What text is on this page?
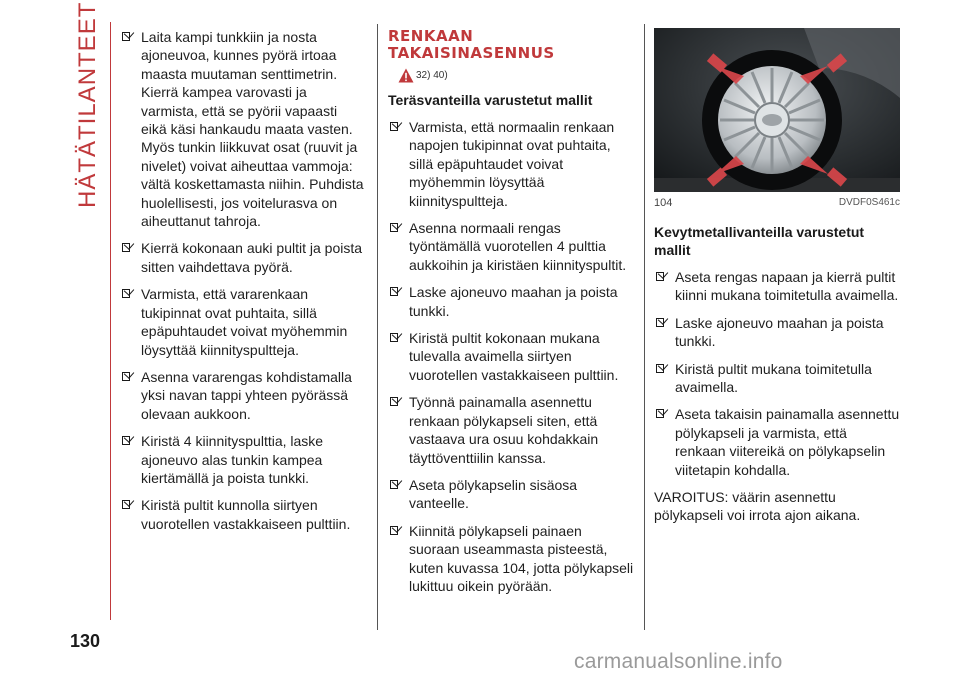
HÄTÄTILANTEET	Laita kampi tunkkiin ja nosta ajoneuvoa, kunnes pyörä irtoaa maasta muutaman senttimetrin. Kierrä kampea varovasti ja varmista, että se pyörii vapaasti eikä käsi hankaudu maata vasten. Myös tunkin liikkuvat osat (ruuvit ja nivelet) voivat aiheuttaa vammoja: vältä koskettamasta niihin. Puhdista huolellisesti, jos voitelurasva on aiheuttanut tahroja.
Kierrä kokonaan auki pultit ja poista sitten vaihdettava pyörä.
Varmista, että vararenkaan tukipinnat ovat puhtaita, sillä epäpuhtaudet voivat myöhemmin löysyttää kiinnityspultteja.
Asenna vararengas kohdistamalla yksi navan tappi yhteen pyörässä olevaan aukkoon.
Kiristä 4 kiinnityspulttia, laske ajoneuvo alas tunkin kampea kiertämällä ja poista tunkki.
Kiristä pultit kunnolla siirtyen vuorotellen vastakkaiseen pulttiin.
RENKAAN
TAKAISINASENNUS
32) 40)

Teräsvanteilla varustetut mallit

Varmista, että normaalin renkaan napojen tukipinnat ovat puhtaita, sillä epäpuhtaudet voivat myöhemmin löysyttää kiinnityspultteja.
Asenna normaali rengas työntämällä vuorotellen 4 pulttia aukkoihin ja kiristäen kiinnityspultit.
Laske ajoneuvo maahan ja poista tunkki.
Kiristä pultit kokonaan mukana tulevalla avaimella siirtyen vuorotellen vastakkaiseen pulttiin.
Työnnä painamalla asennettu renkaan pölykapseli siten, että vastaava ura osuu kohdakkain täyttöventtiilin kanssa.
Aseta pölykapselin sisäosa vanteelle.
Kiinnitä pölykapseli painaen suoraan useammasta pisteestä, kuten kuvassa 104, jotta pölykapseli lukittuu oikein pyörään.
104	DVDF0S461c

Kevytmetallivanteilla varustetut mallit

Aseta rengas napaan ja kierrä pultit kiinni mukana toimitetulla avaimella.
Laske ajoneuvo maahan ja poista tunkki.
Kiristä pultit mukana toimitetulla avaimella.
Aseta takaisin painamalla asennettu pölykapseli ja varmista, että renkaan viitereikä on pölykapselin viitetapin kohdalla.

VAROITUS: väärin asennettu pölykapseli voi irrota ajon aikana.

130
carmanualsonline.info
